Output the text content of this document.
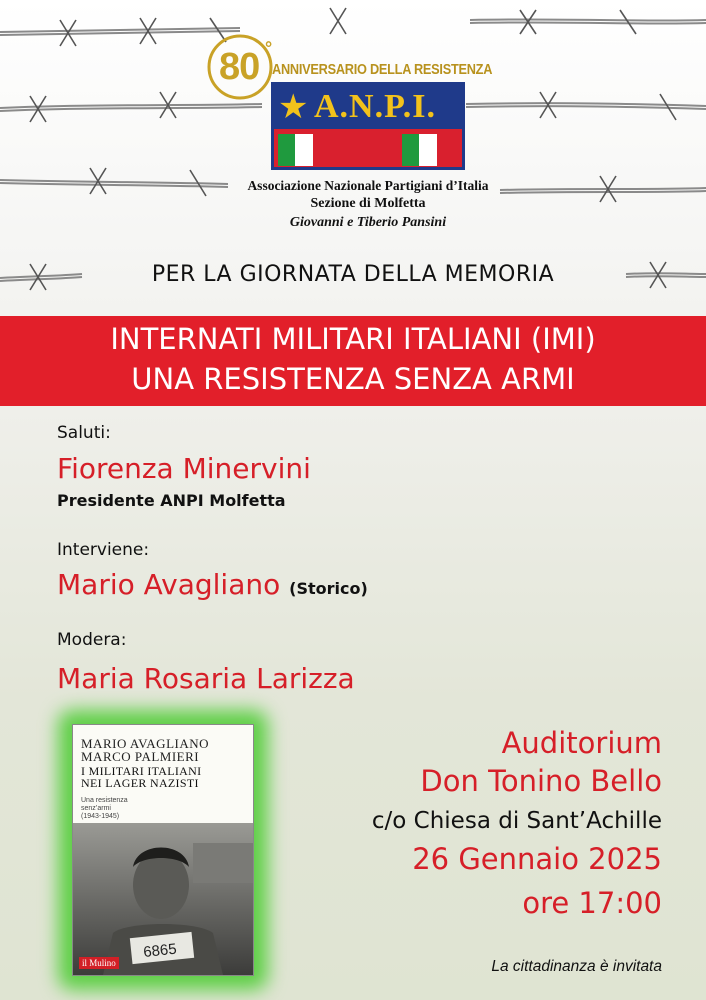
80 °
ANNIVERSARIO DELLA RESISTENZA
★ A.N.P.I.
Associazione Nazionale Partigiani d’Italia
Sezione di Molfetta
Giovanni e Tiberio Pansini
PER LA GIORNATA DELLA MEMORIA
INTERNATI MILITARI ITALIANI (IMI)
UNA RESISTENZA SENZA ARMI
Saluti:
Fiorenza Minervini
Presidente ANPI Molfetta
Interviene:
Mario Avagliano (Storico)
Modera:
Maria Rosaria Larizza
MARIO AVAGLIANO
MARCO PALMIERI
I MILITARI ITALIANI
NEI LAGER NAZISTI
Una resistenza
senz’armi
(1943-1945)
6865
il Mulino
Auditorium
Don Tonino Bello
c/o Chiesa di Sant’Achille
26 Gennaio 2025
ore 17:00
La cittadinanza è invitata
